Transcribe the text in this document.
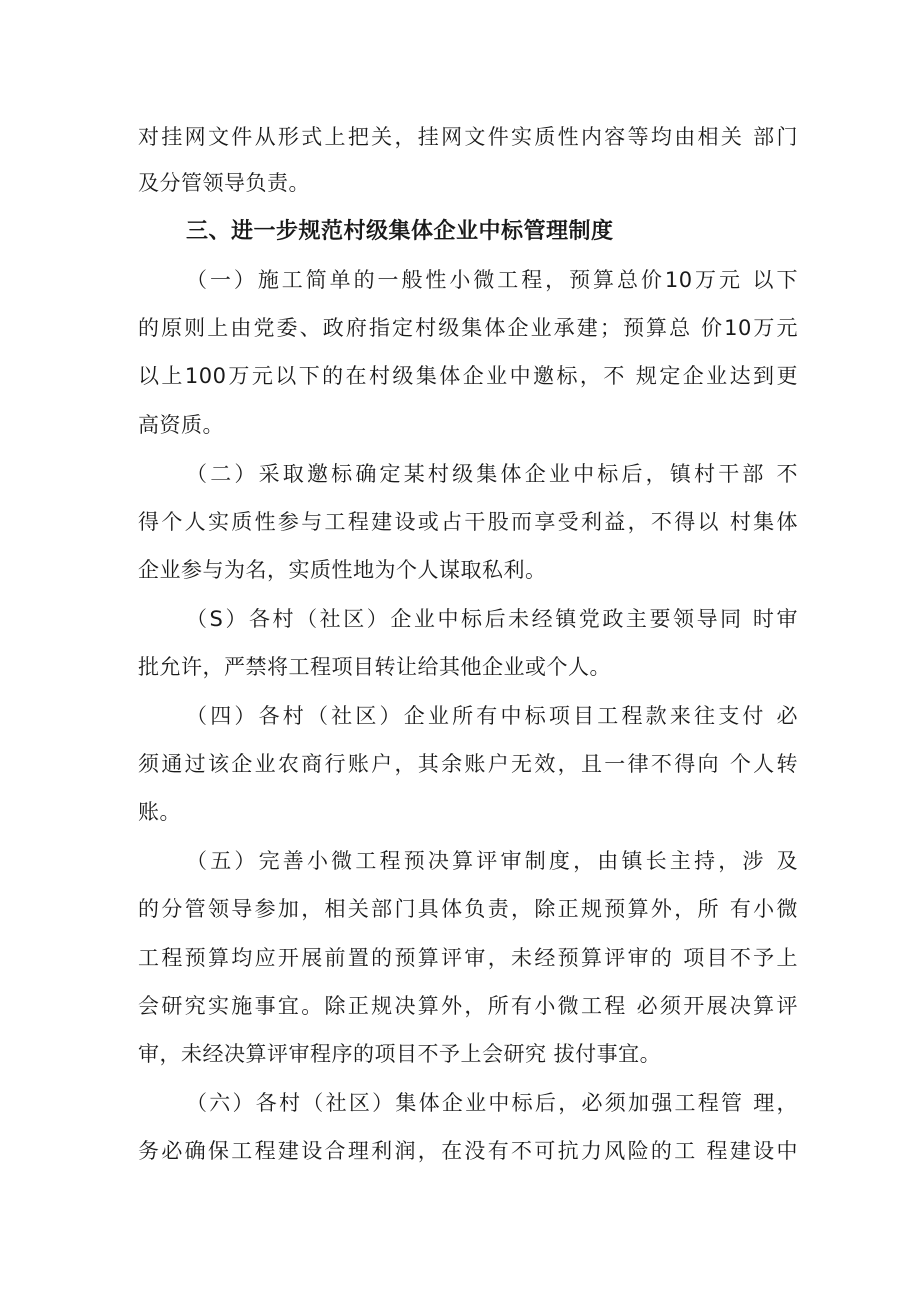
对挂网文件从形式上把关，挂网文件实质性内容等均由相关 部门
及分管领导负责。
三、进一步规范村级集体企业中标管理制度
（一）施工简单的一般性小微工程，预算总价10万元 以下
的原则上由党委、政府指定村级集体企业承建；预算总 价10万元
以上100万元以下的在村级集体企业中邀标，不 规定企业达到更
高资质。
（二）采取邀标确定某村级集体企业中标后，镇村干部 不
得个人实质性参与工程建设或占干股而享受利益，不得以 村集体
企业参与为名，实质性地为个人谋取私利。
（S）各村（社区）企业中标后未经镇党政主要领导同 时审
批允许，严禁将工程项目转让给其他企业或个人。
（四）各村（社区）企业所有中标项目工程款来往支付 必
须通过该企业农商行账户，其余账户无效，且一律不得向 个人转
账。
（五）完善小微工程预决算评审制度，由镇长主持，涉 及
的分管领导参加，相关部门具体负责，除正规预算外，所 有小微
工程预算均应开展前置的预算评审，未经预算评审的 项目不予上
会研究实施事宜。除正规决算外，所有小微工程 必须开展决算评
审，未经决算评审程序的项目不予上会研究 拔付事宜。
（六）各村（社区）集体企业中标后，必须加强工程管 理，
务必确保工程建设合理利润，在没有不可抗力风险的工 程建设中
